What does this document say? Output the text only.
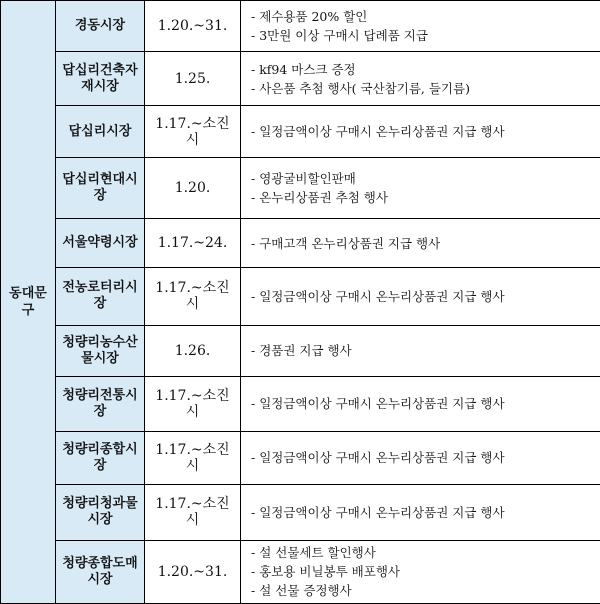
동대문구	경동시장	1.20.~31.	- 제수용품 20% 할인
- 3만원 이상 구매시 답례품 지급

	답십리건축자재시장	1.25.	- kf94 마스크 증정
- 사은품 추첨 행사( 국산참기름, 들기름)

	답십리시장	1.17.~소진시	- 일정금액이상 구매시 온누리상품권 지급 행사

	답십리현대시장	1.20.	- 영광굴비할인판매
- 온누리상품권 추첨 행사

	서울약령시장	1.17.~24.	- 구매고객 온누리상품권 지급 행사

	전농로터리시장	1.17.~소진시	- 일정금액이상 구매시 온누리상품권 지급 행사

	청량리농수산물시장	1.26.	- 경품권 지급 행사

	청량리전통시장	1.17.~소진시	- 일정금액이상 구매시 온누리상품권 지급 행사

	청량리종합시장	1.17.~소진시	- 일정금액이상 구매시 온누리상품권 지급 행사

	청량리청과물시장	1.17.~소진시	- 일정금액이상 구매시 온누리상품권 지급 행사

	청량종합도매시장	1.20.~31.	- 설 선물세트 할인행사
- 홍보용 비닐봉투 배포행사
- 설 선물 증정행사
